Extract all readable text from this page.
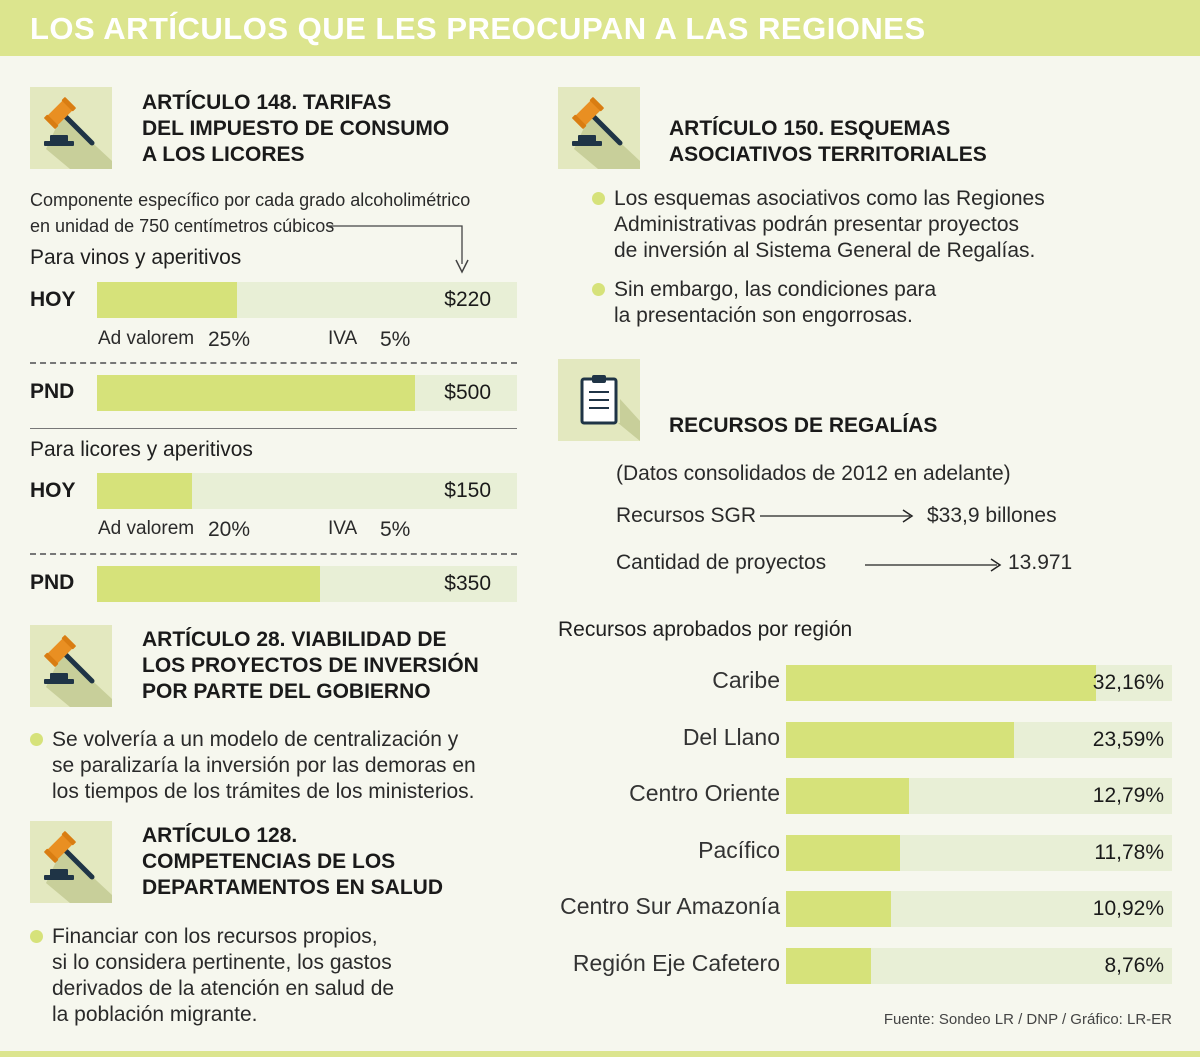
LOS ARTÍCULOS QUE LES PREOCUPAN A LAS REGIONES
ARTÍCULO 148. TARIFAS
DEL IMPUESTO DE CONSUMO
A LOS LICORES
Componente específico por cada grado alcoholimétrico
en unidad de 750 centímetros cúbicos
Para vinos y aperitivos
HOY	$220
Ad valorem 25%	IVA 5%
PND	$500
Para licores y aperitivos
HOY	$150
Ad valorem 20%	IVA 5%
PND	$350
ARTÍCULO 28. VIABILIDAD DE
LOS PROYECTOS DE INVERSIÓN
POR PARTE DEL GOBIERNO
Se volvería a un modelo de centralización y
se paralizaría la inversión por las demoras en
los tiempos de los trámites de los ministerios.
ARTÍCULO 128.
COMPETENCIAS DE LOS
DEPARTAMENTOS EN SALUD
Financiar con los recursos propios,
si lo considera pertinente, los gastos
derivados de la atención en salud de
la población migrante.
ARTÍCULO 150. ESQUEMAS
ASOCIATIVOS TERRITORIALES
Los esquemas asociativos como las Regiones
Administrativas podrán presentar proyectos
de inversión al Sistema General de Regalías.
Sin embargo, las condiciones para
la presentación son engorrosas.
RECURSOS DE REGALÍAS
(Datos consolidados de 2012 en adelante)
Recursos SGR	$33,9 billones
Cantidad de proyectos	13.971
Recursos aprobados por región
Caribe	32,16%
Del Llano	23,59%
Centro Oriente	12,79%
Pacífico	11,78%
Centro Sur Amazonía	10,92%
Región Eje Cafetero	8,76%
Fuente: Sondeo LR / DNP / Gráfico: LR-ER
